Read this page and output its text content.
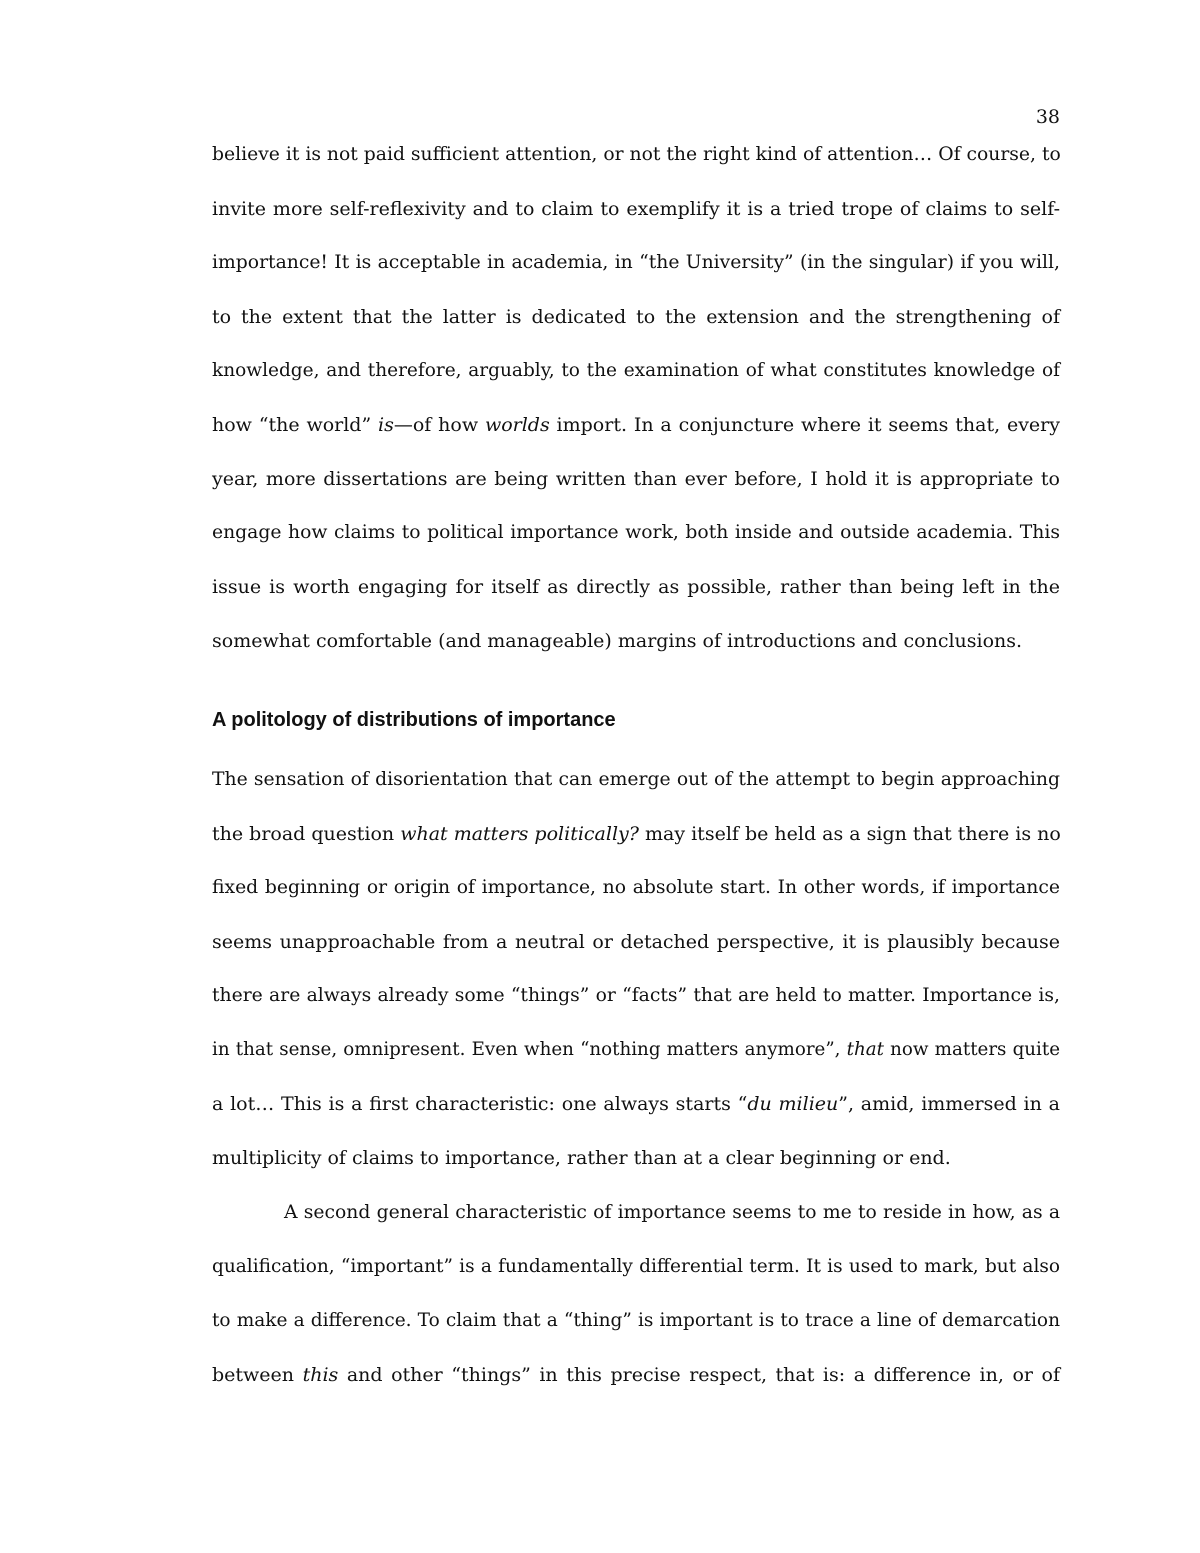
38
believe it is not paid sufficient attention, or not the right kind of attention… Of course, to
invite more self-reflexivity and to claim to exemplify it is a tried trope of claims to self-
importance! It is acceptable in academia, in “the University” (in the singular) if you will,
to the extent that the latter is dedicated to the extension and the strengthening of
knowledge, and therefore, arguably, to the examination of what constitutes knowledge of
how “the world” is—of how worlds import. In a conjuncture where it seems that, every
year, more dissertations are being written than ever before, I hold it is appropriate to
engage how claims to political importance work, both inside and outside academia. This
issue is worth engaging for itself as directly as possible, rather than being left in the
somewhat comfortable (and manageable) margins of introductions and conclusions.
A politology of distributions of importance
The sensation of disorientation that can emerge out of the attempt to begin approaching
the broad question what matters politically? may itself be held as a sign that there is no
fixed beginning or origin of importance, no absolute start. In other words, if importance
seems unapproachable from a neutral or detached perspective, it is plausibly because
there are always already some “things” or “facts” that are held to matter. Importance is,
in that sense, omnipresent. Even when “nothing matters anymore”, that now matters quite
a lot… This is a first characteristic: one always starts “du milieu”, amid, immersed in a
multiplicity of claims to importance, rather than at a clear beginning or end.
A second general characteristic of importance seems to me to reside in how, as a
qualification, “important” is a fundamentally differential term. It is used to mark, but also
to make a difference. To claim that a “thing” is important is to trace a line of demarcation
between this and other “things” in this precise respect, that is: a difference in, or of
